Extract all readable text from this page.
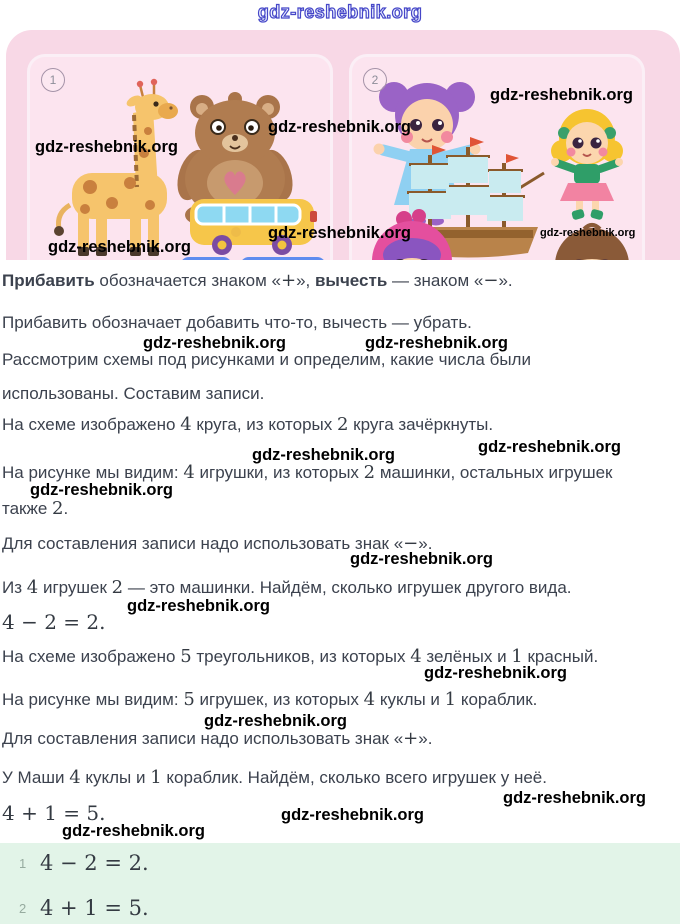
gdz-reshebnik.org
1	2
gdz-reshebnik.org
gdz-reshebnik.org
gdz-reshebnik.org
gdz-reshebnik.org
gdz-reshebnik.org
gdz-reshebnik.org
Прибавить обозначается знаком «+», вычесть — знаком «−».
Прибавить обозначает добавить что-то, вычесть — убрать.
Рассмотрим схемы под рисунками и определим, какие числа были
использованы. Составим записи.
На схеме изображено 4 круга, из которых 2 круга зачёркнуты.
На рисунке мы видим: 4 игрушки, из которых 2 машинки, остальных игрушек
также 2.
Для составления записи надо использовать знак «−».
Из 4 игрушек 2 — это машинки. Найдём, сколько игрушек другого вида.
4 − 2 = 2.
На схеме изображено 5 треугольников, из которых 4 зелёных и 1 красный.
На рисунке мы видим: 5 игрушек, из которых 4 куклы и 1 кораблик.
Для составления записи надо использовать знак «+».
У Маши 4 куклы и 1 кораблик. Найдём, сколько всего игрушек у неё.
4 + 1 = 5.
gdz-reshebnik.org	gdz-reshebnik.org
gdz-reshebnik.org
gdz-reshebnik.org
gdz-reshebnik.org
gdz-reshebnik.org
gdz-reshebnik.org
gdz-reshebnik.org
gdz-reshebnik.org
gdz-reshebnik.org
gdz-reshebnik.org
gdz-reshebnik.org
1 4 − 2 = 2.
2 4 + 1 = 5.
